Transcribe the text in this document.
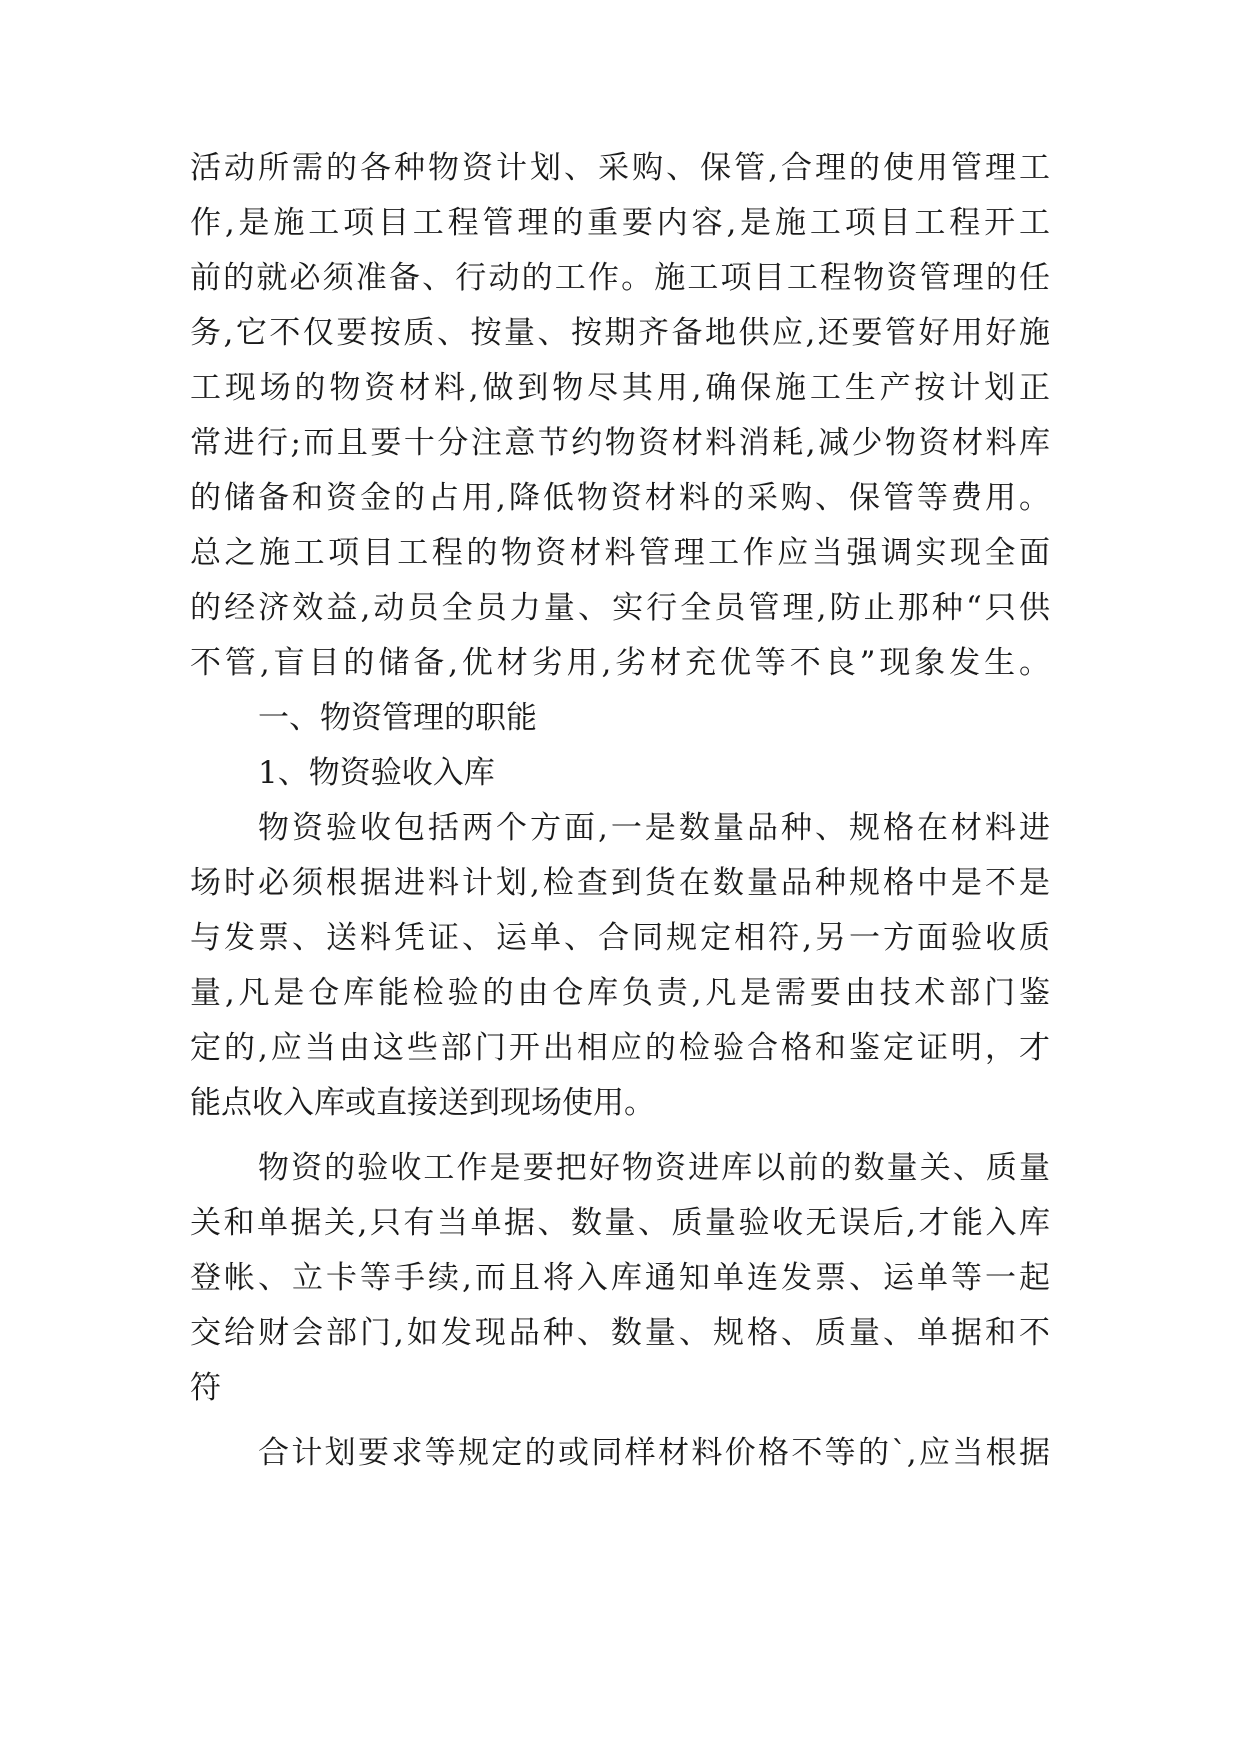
活动所需的各种物资计划、采购、保管,合理的使用管理工
作,是施工项目工程管理的重要内容,是施工项目工程开工
前的就必须准备、行动的工作。施工项目工程物资管理的任
务,它不仅要按质、按量、按期齐备地供应,还要管好用好施
工现场的物资材料,做到物尽其用,确保施工生产按计划正
常进行;而且要十分注意节约物资材料消耗,减少物资材料库
的储备和资金的占用,降低物资材料的采购、保管等费用。
总之施工项目工程的物资材料管理工作应当强调实现全面
的经济效益,动员全员力量、实行全员管理,防止那种“只供
不管,盲目的储备,优材劣用,劣材充优等不良”现象发生。
一、物资管理的职能
1、物资验收入库
物资验收包括两个方面,一是数量品种、规格在材料进
场时必须根据进料计划,检查到货在数量品种规格中是不是
与发票、送料凭证、运单、合同规定相符,另一方面验收质
量,凡是仓库能检验的由仓库负责,凡是需要由技术部门鉴
定的,应当由这些部门开出相应的检验合格和鉴定证明，才
能点收入库或直接送到现场使用。
物资的验收工作是要把好物资进库以前的数量关、质量
关和单据关,只有当单据、数量、质量验收无误后,才能入库
登帐、立卡等手续,而且将入库通知单连发票、运单等一起
交给财会部门,如发现品种、数量、规格、质量、单据和不
符
合计划要求等规定的或同样材料价格不等的`,应当根据
